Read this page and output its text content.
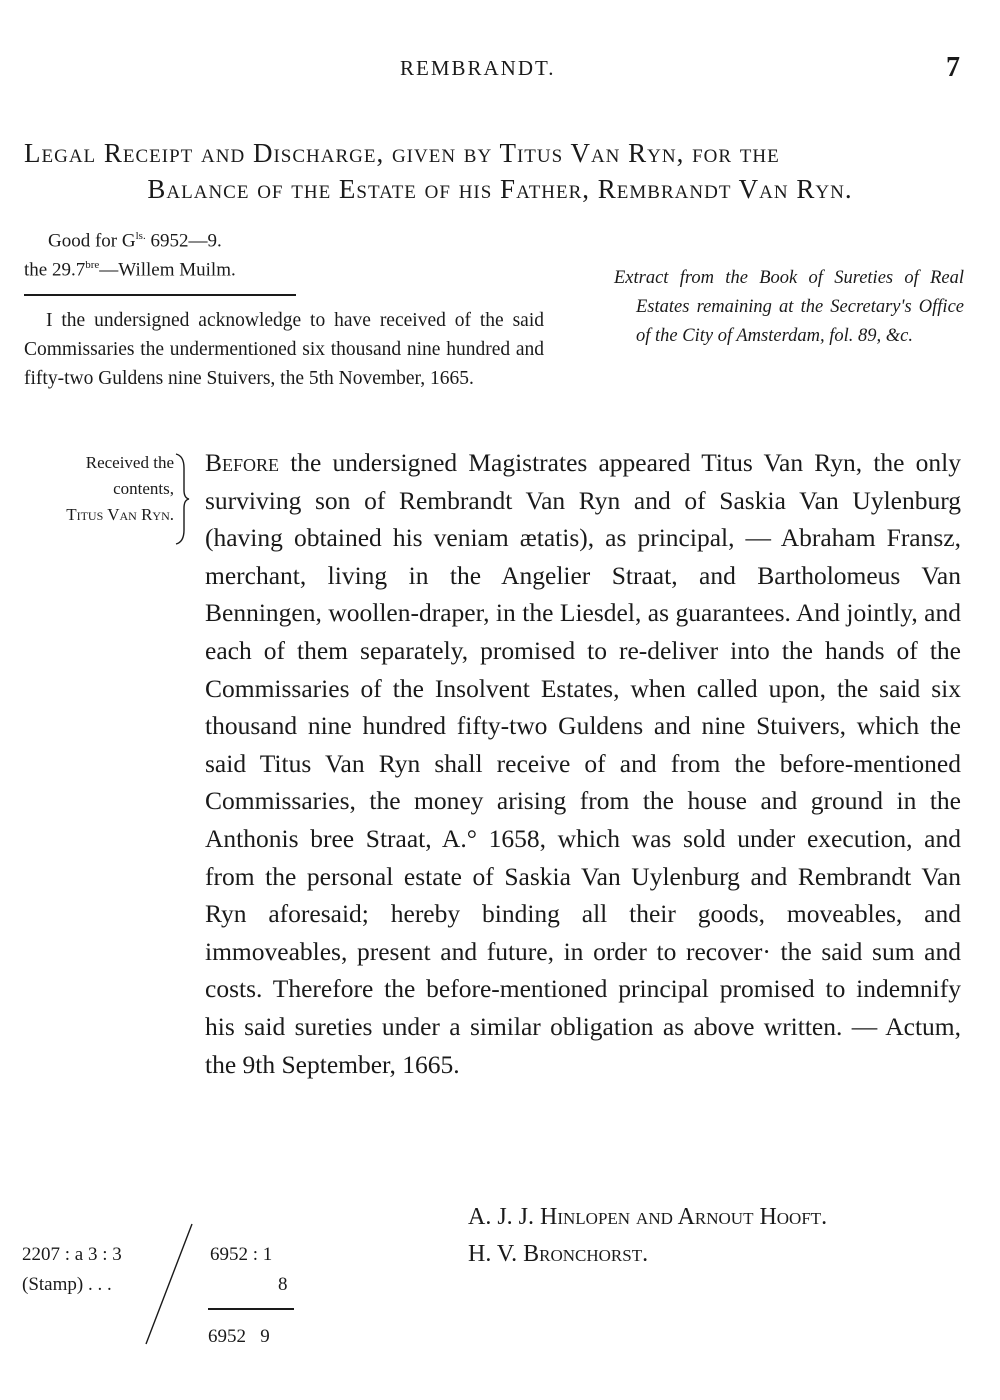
REMBRANDT.	7
Legal Receipt and Discharge, given by Titus Van Ryn, for the
Balance of the Estate of his Father, Rembrandt Van Ryn.
Good for $G^{ls.}$ 6952—9.
the $29.7^{bre}—Willem$ Muilm.

I the undersigned acknowledge to have received of the said Commissaries the undermentioned six thousand nine hundred and fifty-two Guldens nine Stuivers, the 5th November, 1665.

Extract from the Book of Sureties of Real Estates remaining at the Secretary's Office of the City of Amsterdam, fol. 89, &c.

Received the
contents,
Titus Van Ryn.

Before the undersigned Magistrates appeared Titus Van Ryn, the only surviving son of Rembrandt Van Ryn and of Saskia Van Uylenburg (having obtained his veniam ætatis), as principal, — Abraham Fransz, merchant, living in the Angelier Straat, and Bartholomeus Van Benningen, woollen-draper, in the Liesdel, as guarantees. And jointly, and each of them separately, promised to re-deliver into the hands of the Commissaries of the Insolvent Estates, when called upon, the said six thousand nine hundred fifty-two Guldens and nine Stuivers, which the said Titus Van Ryn shall receive of and from the before-mentioned Commissaries, the money arising from the house and ground in the Anthonis bree Straat, A.° 1658, which was sold under execution, and from the personal estate of Saskia Van Uylenburg and Rembrandt Van Ryn aforesaid; hereby binding all their goods, moveables, and immoveables, present and future, in order to recover· the said sum and costs. Therefore the before-mentioned principal promised to indemnify his said sureties under a similar obligation as above written. — Actum, the 9th September, 1665.

A. J. J. Hinlopen and Arnout Hooft.
H. V. Bronchorst.
2207 : a 3 : 3
(Stamp) . . .
6952 : 1
8
6952   9
